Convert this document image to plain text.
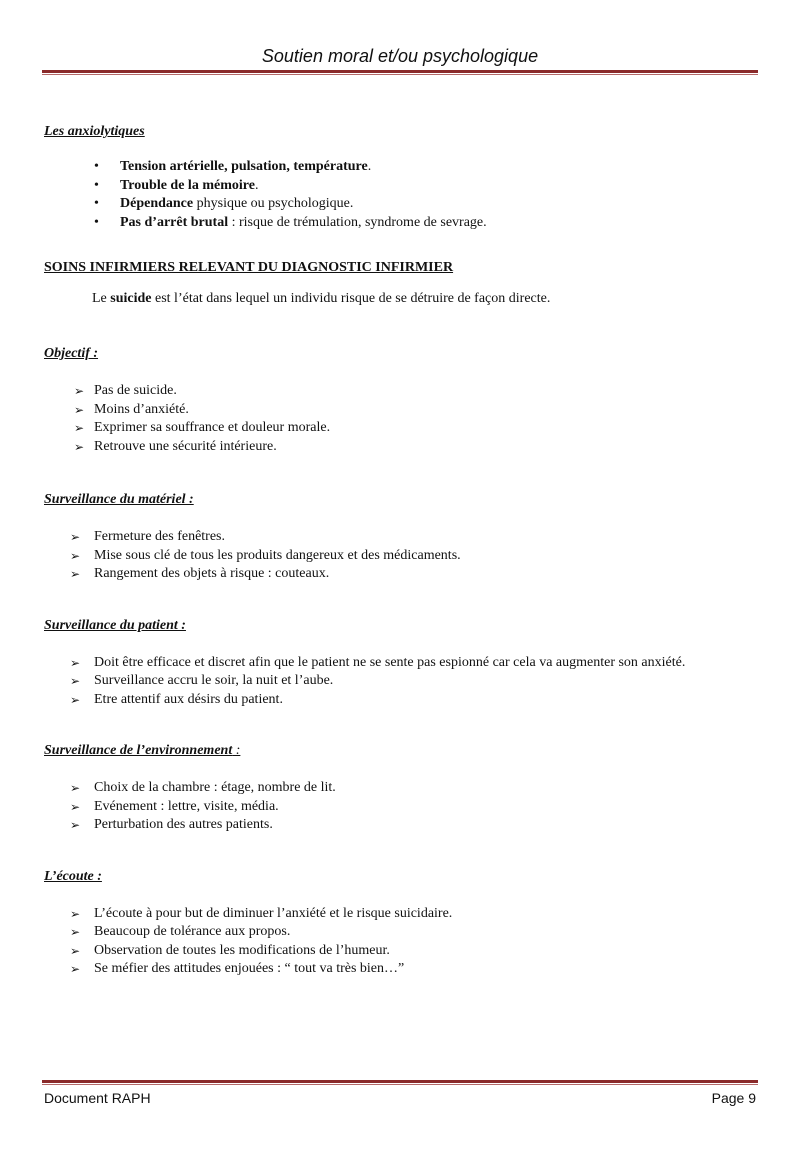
Soutien moral et/ou psychologique
Les anxiolytiques
• Tension artérielle, pulsation, température.
• Trouble de la mémoire.
• Dépendance physique ou psychologique.
• Pas d’arrêt brutal : risque de trémulation, syndrome de sevrage.
SOINS INFIRMIERS RELEVANT DU DIAGNOSTIC INFIRMIER

Le suicide est l’état dans lequel un individu risque de se détruire de façon directe.

Objectif :
➢ Pas de suicide.
➢ Moins d’anxiété.
➢ Exprimer sa souffrance et douleur morale.
➢ Retrouve une sécurité intérieure.
Surveillance du matériel :
➢ Fermeture des fenêtres.
➢ Mise sous clé de tous les produits dangereux et des médicaments.
➢ Rangement des objets à risque : couteaux.
Surveillance du patient :
➢ Doit être efficace et discret afin que le patient ne se sente pas espionné car cela va augmenter son anxiété.
➢ Surveillance accru le soir, la nuit et l’aube.
➢ Etre attentif aux désirs du patient.
Surveillance de l’environnement :
➢ Choix de la chambre : étage, nombre de lit.
➢ Evénement : lettre, visite, média.
➢ Perturbation des autres patients.
L’écoute :
➢ L’écoute à pour but de diminuer l’anxiété et le risque suicidaire.
➢ Beaucoup de tolérance aux propos.
➢ Observation de toutes les modifications de l’humeur.
➢ Se méfier des attitudes enjouées : “ tout va très bien…”
Document RAPH	Page 9
